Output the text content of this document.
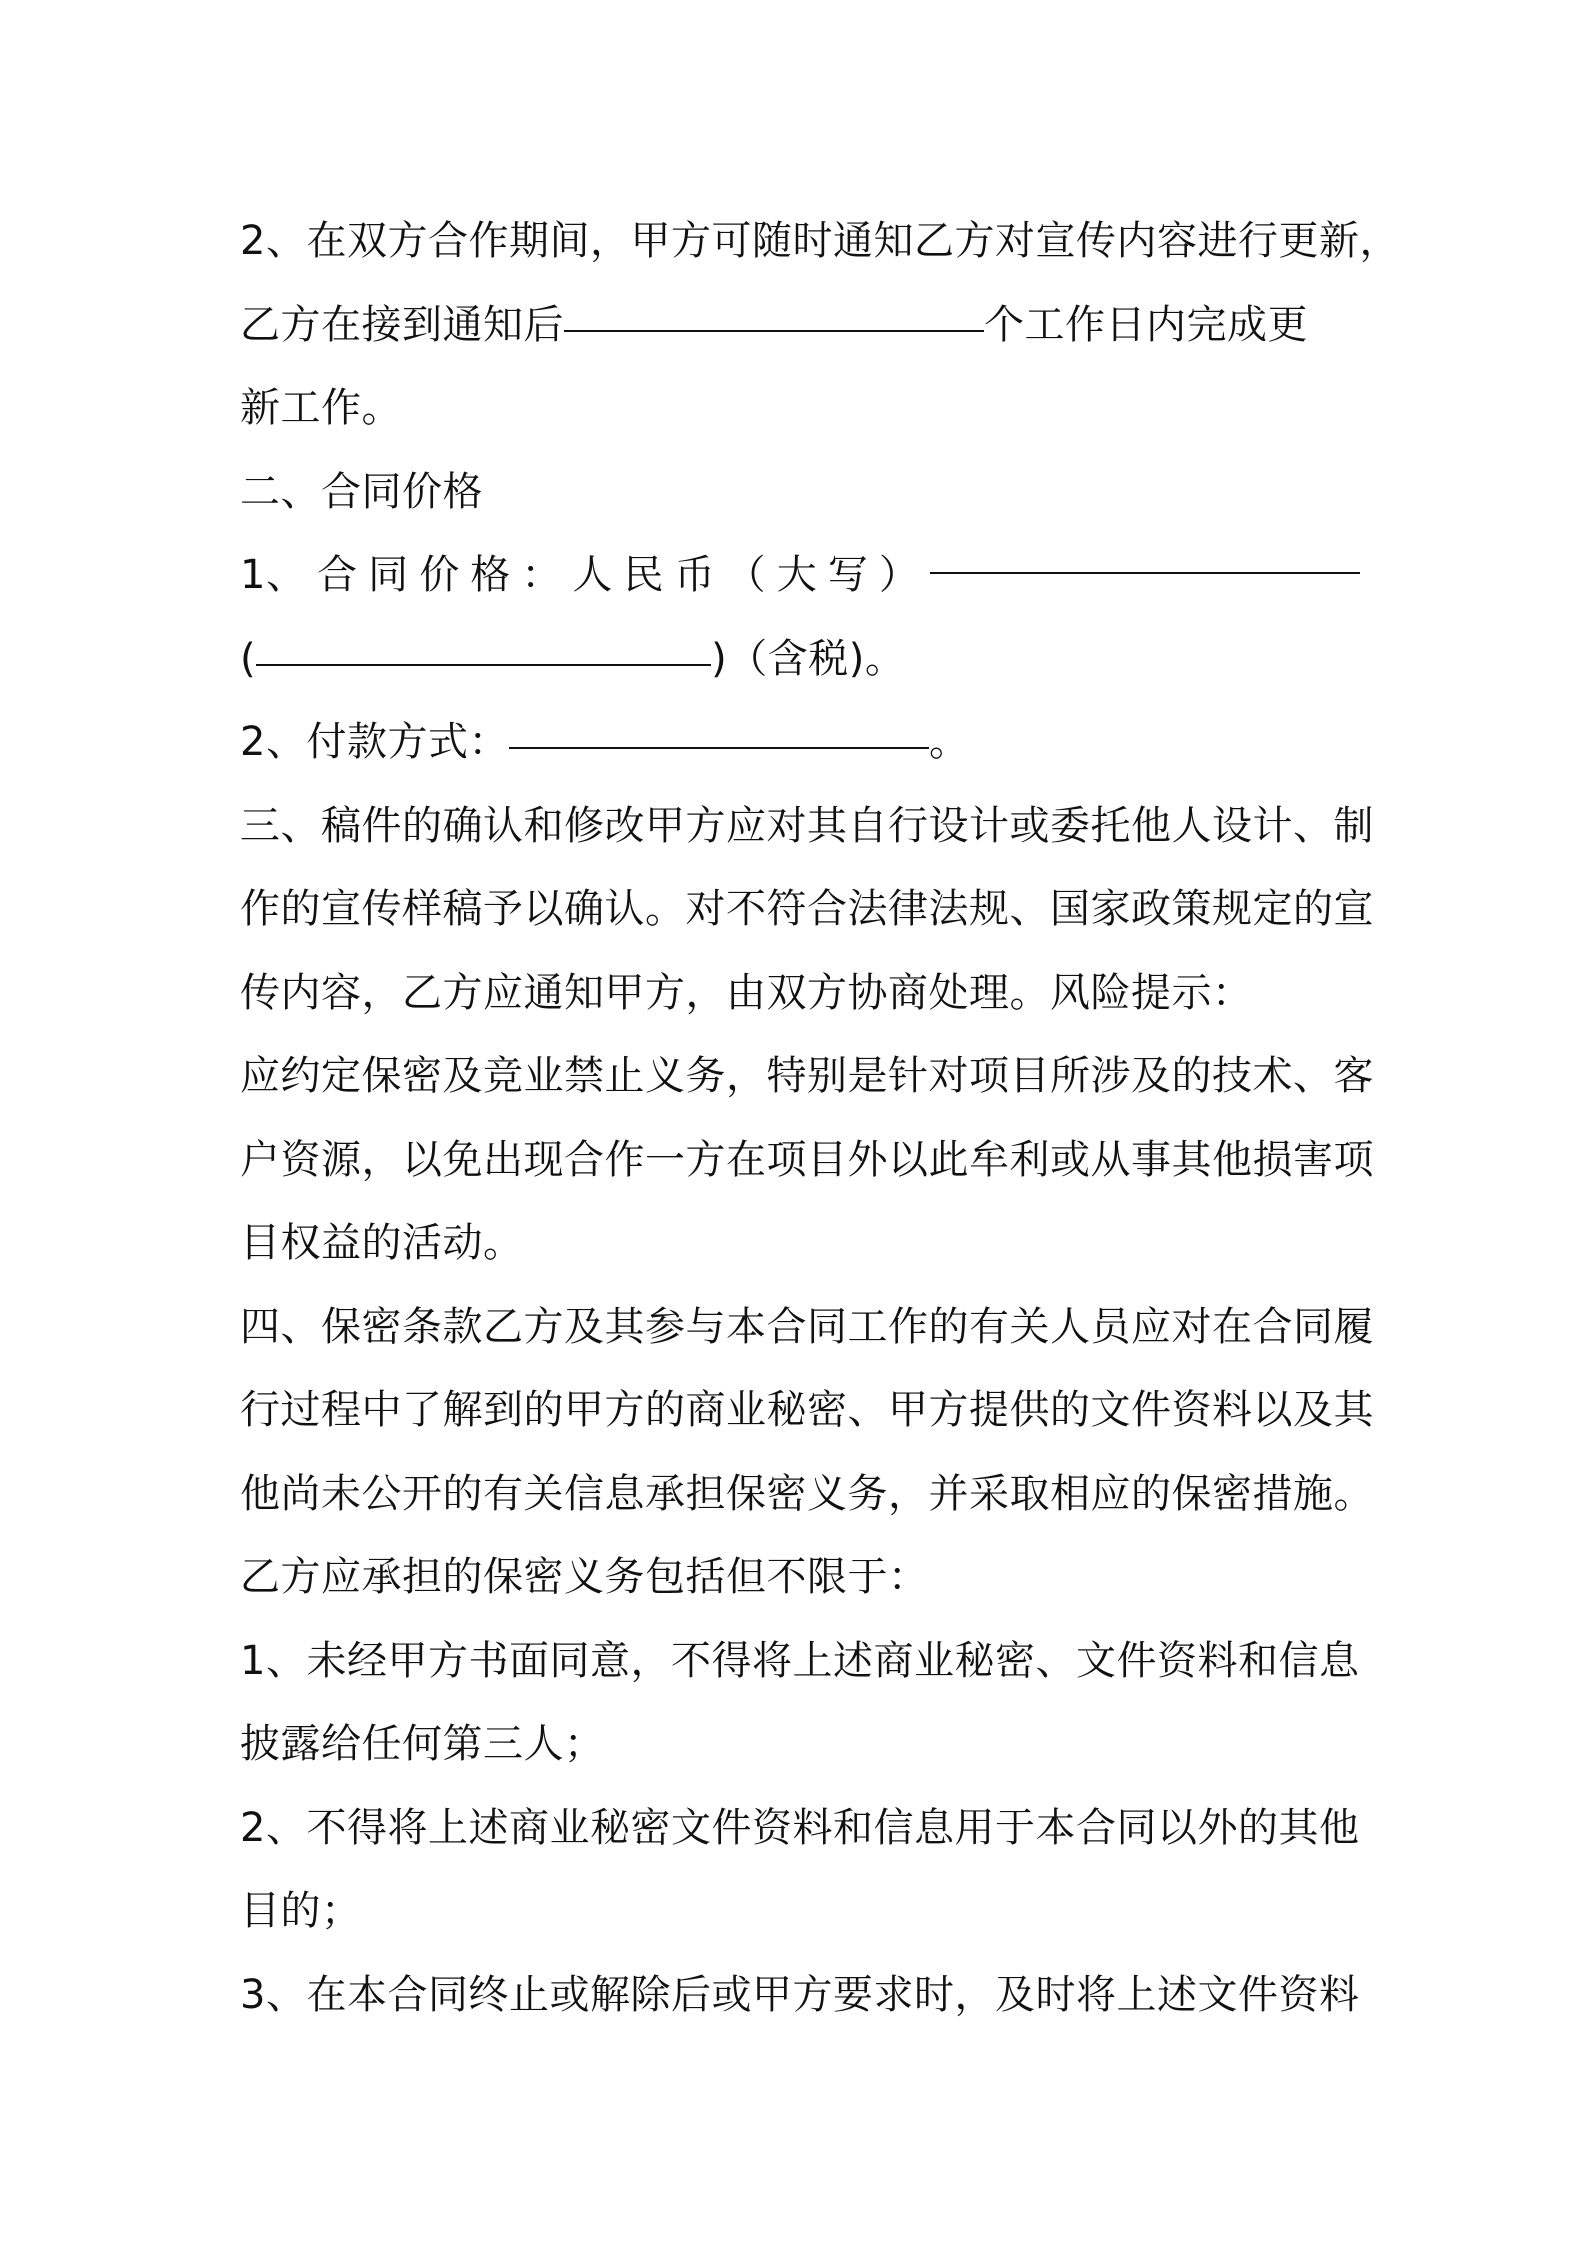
2、在双方合作期间，甲方可随时通知乙方对宣传内容进行更新，
乙方在接到通知后	个工作日内完成更
新工作。
二、合同价格
1、 合 同 价 格 ： 人 民 币 （ 大 写 ）
(	)（含税)。
2、付款方式：	。
三、稿件的确认和修改甲方应对其自行设计或委托他人设计、制
作的宣传样稿予以确认。对不符合法律法规、国家政策规定的宣
传内容，乙方应通知甲方，由双方协商处理。风险提示：
应约定保密及竞业禁止义务，特别是针对项目所涉及的技术、客
户资源，以免出现合作一方在项目外以此牟利或从事其他损害项
目权益的活动。
四、保密条款乙方及其参与本合同工作的有关人员应对在合同履
行过程中了解到的甲方的商业秘密、甲方提供的文件资料以及其
他尚未公开的有关信息承担保密义务，并采取相应的保密措施。
乙方应承担的保密义务包括但不限于：
1、未经甲方书面同意，不得将上述商业秘密、文件资料和信息
披露给任何第三人；
2、不得将上述商业秘密文件资料和信息用于本合同以外的其他
目的；
3、在本合同终止或解除后或甲方要求时，及时将上述文件资料
